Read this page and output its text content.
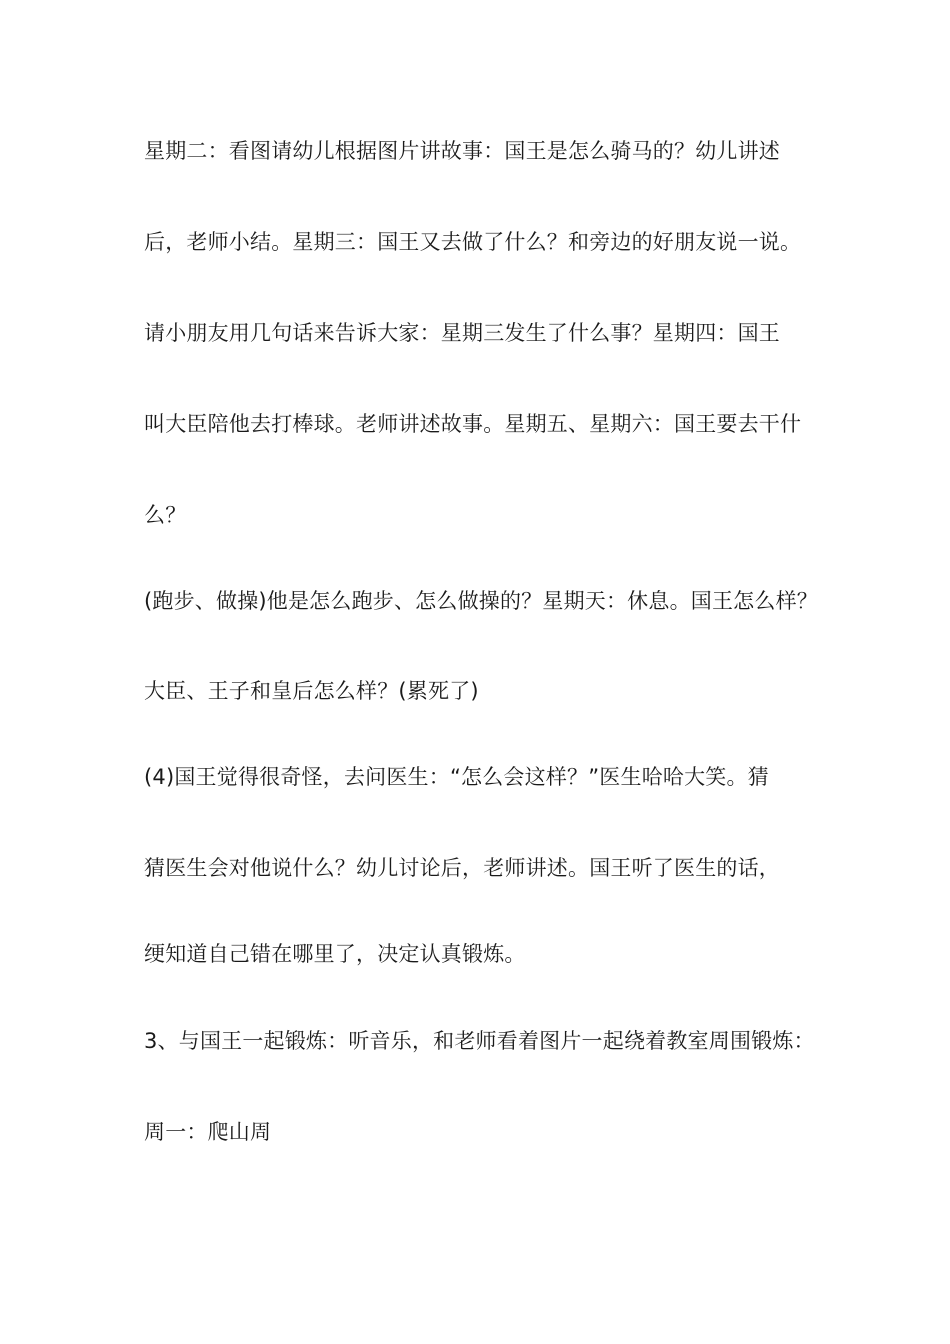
星期二：看图请幼儿根据图片讲故事：国王是怎么骑马的？幼儿讲述
后，老师小结。星期三：国王又去做了什么？和旁边的好朋友说一说。
请小朋友用几句话来告诉大家：星期三发生了什么事？星期四：国王
叫大臣陪他去打棒球。老师讲述故事。星期五、星期六：国王要去干什
么？
(跑步、做操)他是怎么跑步、怎么做操的？星期天：休息。国王怎么样？
大臣、王子和皇后怎么样？(累死了)
(4)国王觉得很奇怪，去问医生：“怎么会这样？”医生哈哈大笑。猜
猜医生会对他说什么？幼儿讨论后，老师讲述。国王听了医生的话，
绠知道自己错在哪里了，决定认真锻炼。
3、与国王一起锻炼：听音乐，和老师看着图片一起绕着教室周围锻炼：
周一：爬山周
